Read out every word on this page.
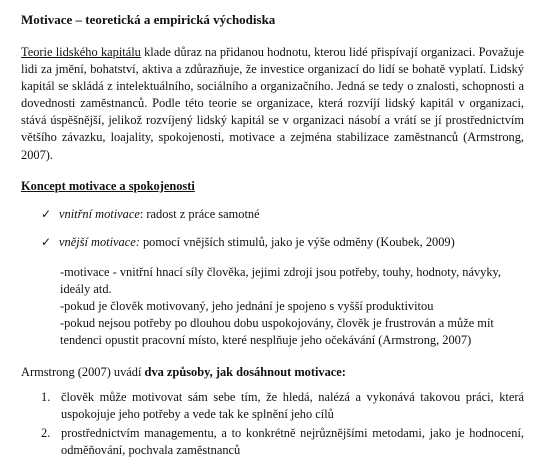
Motivace – teoretická a empirická východiska
Teorie lidského kapitálu klade důraz na přidanou hodnotu, kterou lidé přispívají organizaci. Považuje lidi za jmění, bohatství, aktiva a zdůrazňuje, že investice organizací do lidí se bohatě vyplatí. Lidský kapitál se skládá z intelektuálního, sociálního a organizačního. Jedná se tedy o znalosti, schopnosti a dovednosti zaměstnanců. Podle této teorie se organizace, která rozvíjí lidský kapitál v organizaci, stává úspěšnější, jelikož rozvíjený lidský kapitál se v organizaci násobí a vrátí se jí prostřednictvím většího závazku, loajality, spokojenosti, motivace a zejména stabilizace zaměstnanců (Armstrong, 2007).
Koncept motivace a spokojenosti
✓ vnitřní motivace: radost z práce samotné
✓ vnější motivace: pomocí vnějších stimulů, jako je výše odměny (Koubek, 2009)
-motivace - vnitřní hnací síly člověka, jejimi zdroji jsou potřeby, touhy, hodnoty, návyky, ideály atd.
-pokud je člověk motivovaný, jeho jednání je spojeno s vyšší produktivitou
-pokud nejsou potřeby po dlouhou dobu uspokojovány, člověk je frustrován a může mít tendenci opustit pracovní místo, které nesplňuje jeho očekávání (Armstrong, 2007)
Armstrong (2007) uvádí dva způsoby, jak dosáhnout motivace:
1. člověk může motivovat sám sebe tím, že hledá, nalézá a vykonává takovou práci, která uspokojuje jeho potřeby a vede tak ke splnění jeho cílů
2. prostřednictvím managementu, a to konkrétně nejrůznějšími metodami, jako je hodnocení, odměňování, pochvala zaměstnanců
